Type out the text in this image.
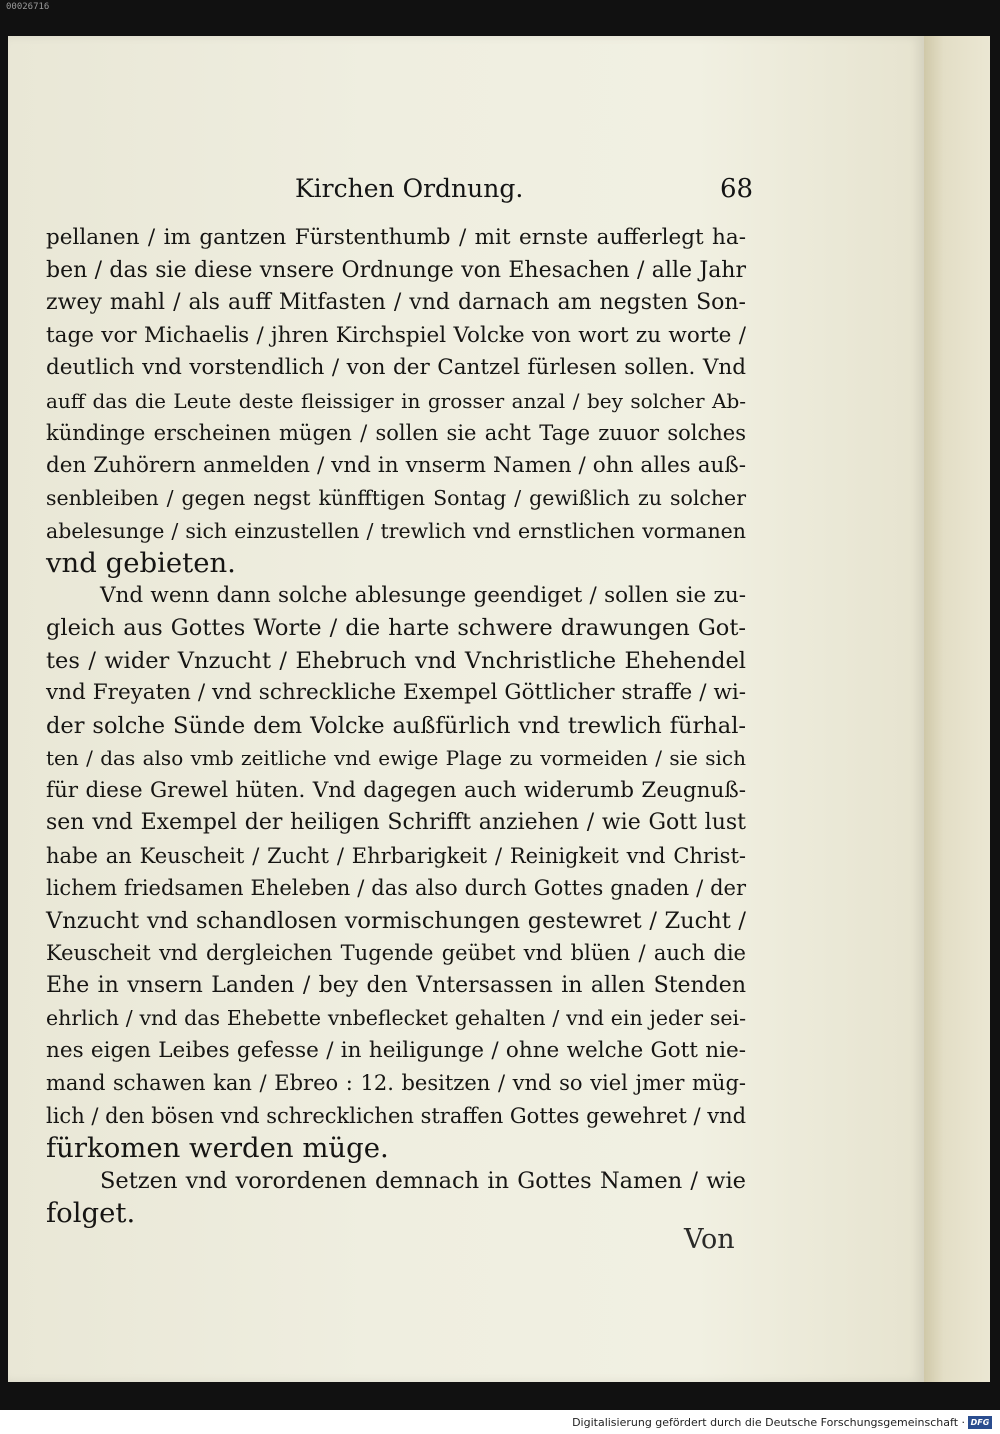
00026716
Kirchen Ordnung.	68
pellanen / im gantzen Fürstenthumb / mit ernste aufferlegt ha-
ben / das sie diese vnsere Ordnunge von Ehesachen / alle Jahr
zwey mahl / als auff Mitfasten / vnd darnach am negsten Son-
tage vor Michaelis / jhren Kirchspiel Volcke von wort zu worte /
deutlich vnd vorstendlich / von der Cantzel fürlesen sollen. Vnd
auff das die Leute deste fleissiger in grosser anzal / bey solcher Ab-
kündinge erscheinen mügen / sollen sie acht Tage zuuor solches
den Zuhörern anmelden / vnd in vnserm Namen / ohn alles auß-
senbleiben / gegen negst künfftigen Sontag / gewißlich zu solcher
abelesunge / sich einzustellen / trewlich vnd ernstlichen vormanen
vnd gebieten.
Vnd wenn dann solche ablesunge geendiget / sollen sie zu-
gleich aus Gottes Worte / die harte schwere drawungen Got-
tes / wider Vnzucht / Ehebruch vnd Vnchristliche Ehehendel
vnd Freyaten / vnd schreckliche Exempel Göttlicher straffe / wi-
der solche Sünde dem Volcke außfürlich vnd trewlich fürhal-
ten / das also vmb zeitliche vnd ewige Plage zu vormeiden / sie sich
für diese Grewel hüten. Vnd dagegen auch widerumb Zeugnuß-
sen vnd Exempel der heiligen Schrifft anziehen / wie Gott lust
habe an Keuscheit / Zucht / Ehrbarigkeit / Reinigkeit vnd Christ-
lichem friedsamen Eheleben / das also durch Gottes gnaden / der
Vnzucht vnd schandlosen vormischungen gestewret / Zucht /
Keuscheit vnd dergleichen Tugende geübet vnd blüen / auch die
Ehe in vnsern Landen / bey den Vntersassen in allen Stenden
ehrlich / vnd das Ehebette vnbeflecket gehalten / vnd ein jeder sei-
nes eigen Leibes gefesse / in heiligunge / ohne welche Gott nie-
mand schawen kan / Ebreo : 12. besitzen / vnd so viel jmer müg-
lich / den bösen vnd schrecklichen straffen Gottes gewehret / vnd
fürkomen werden müge.
Setzen vnd vorordenen demnach in Gottes Namen / wie
folget.
Von
Digitalisierung gefördert durch die Deutsche Forschungsgemeinschaft · DFG
